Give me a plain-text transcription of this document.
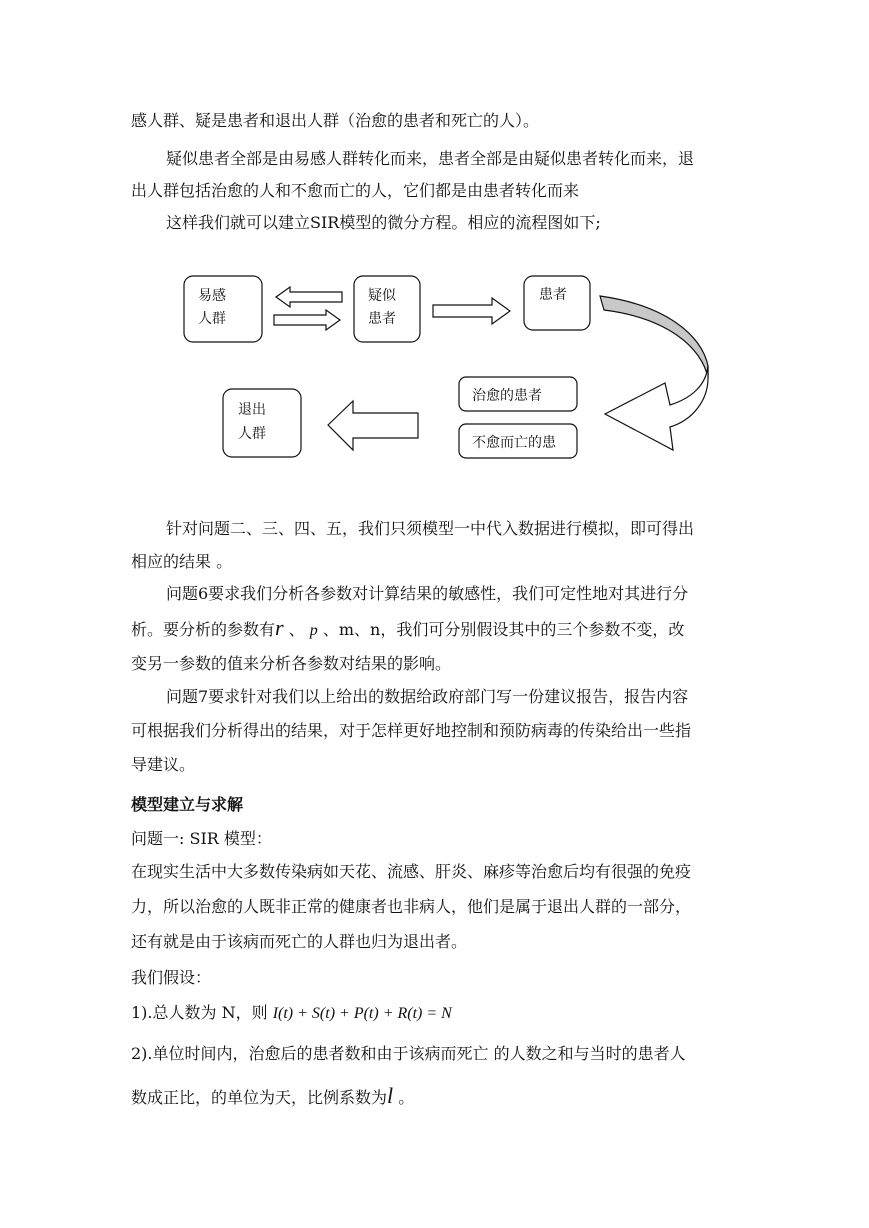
感人群、疑是患者和退出人群（治愈的患者和死亡的人）。
疑似患者全部是由易感人群转化而来，患者全部是由疑似患者转化而来，退
出人群包括治愈的人和不愈而亡的人，它们都是由患者转化而来
这样我们就可以建立SIR模型的微分方程。相应的流程图如下;
易感
人群
疑似
患者
患者
治愈的患者
不愈而亡的患
退出
人群
针对问题二、三、四、五，我们只须模型一中代入数据进行模拟，即可得出
相应的结果 。
问题6要求我们分析各参数对计算结果的敏感性，我们可定性地对其进行分
析。要分析的参数有r 、 p 、m、n，我们可分别假设其中的三个参数不变，改
变另一参数的值来分析各参数对结果的影响。
问题7要求针对我们以上给出的数据给政府部门写一份建议报告，报告内容
可根据我们分析得出的结果，对于怎样更好地控制和预防病毒的传染给出一些指
导建议。
模型建立与求解
问题一: SIR 模型：
在现实生活中大多数传染病如天花、流感、肝炎、麻疹等治愈后均有很强的免疫
力，所以治愈的人既非正常的健康者也非病人，他们是属于退出人群的一部分，
还有就是由于该病而死亡的人群也归为退出者。
我们假设：
1).总人数为 N，则 I(t) + S(t) + P(t) + R(t) = N
2).单位时间内，治愈后的患者数和由于该病而死亡 的人数之和与当时的患者人
数成正比，的单位为天，比例系数为l 。
